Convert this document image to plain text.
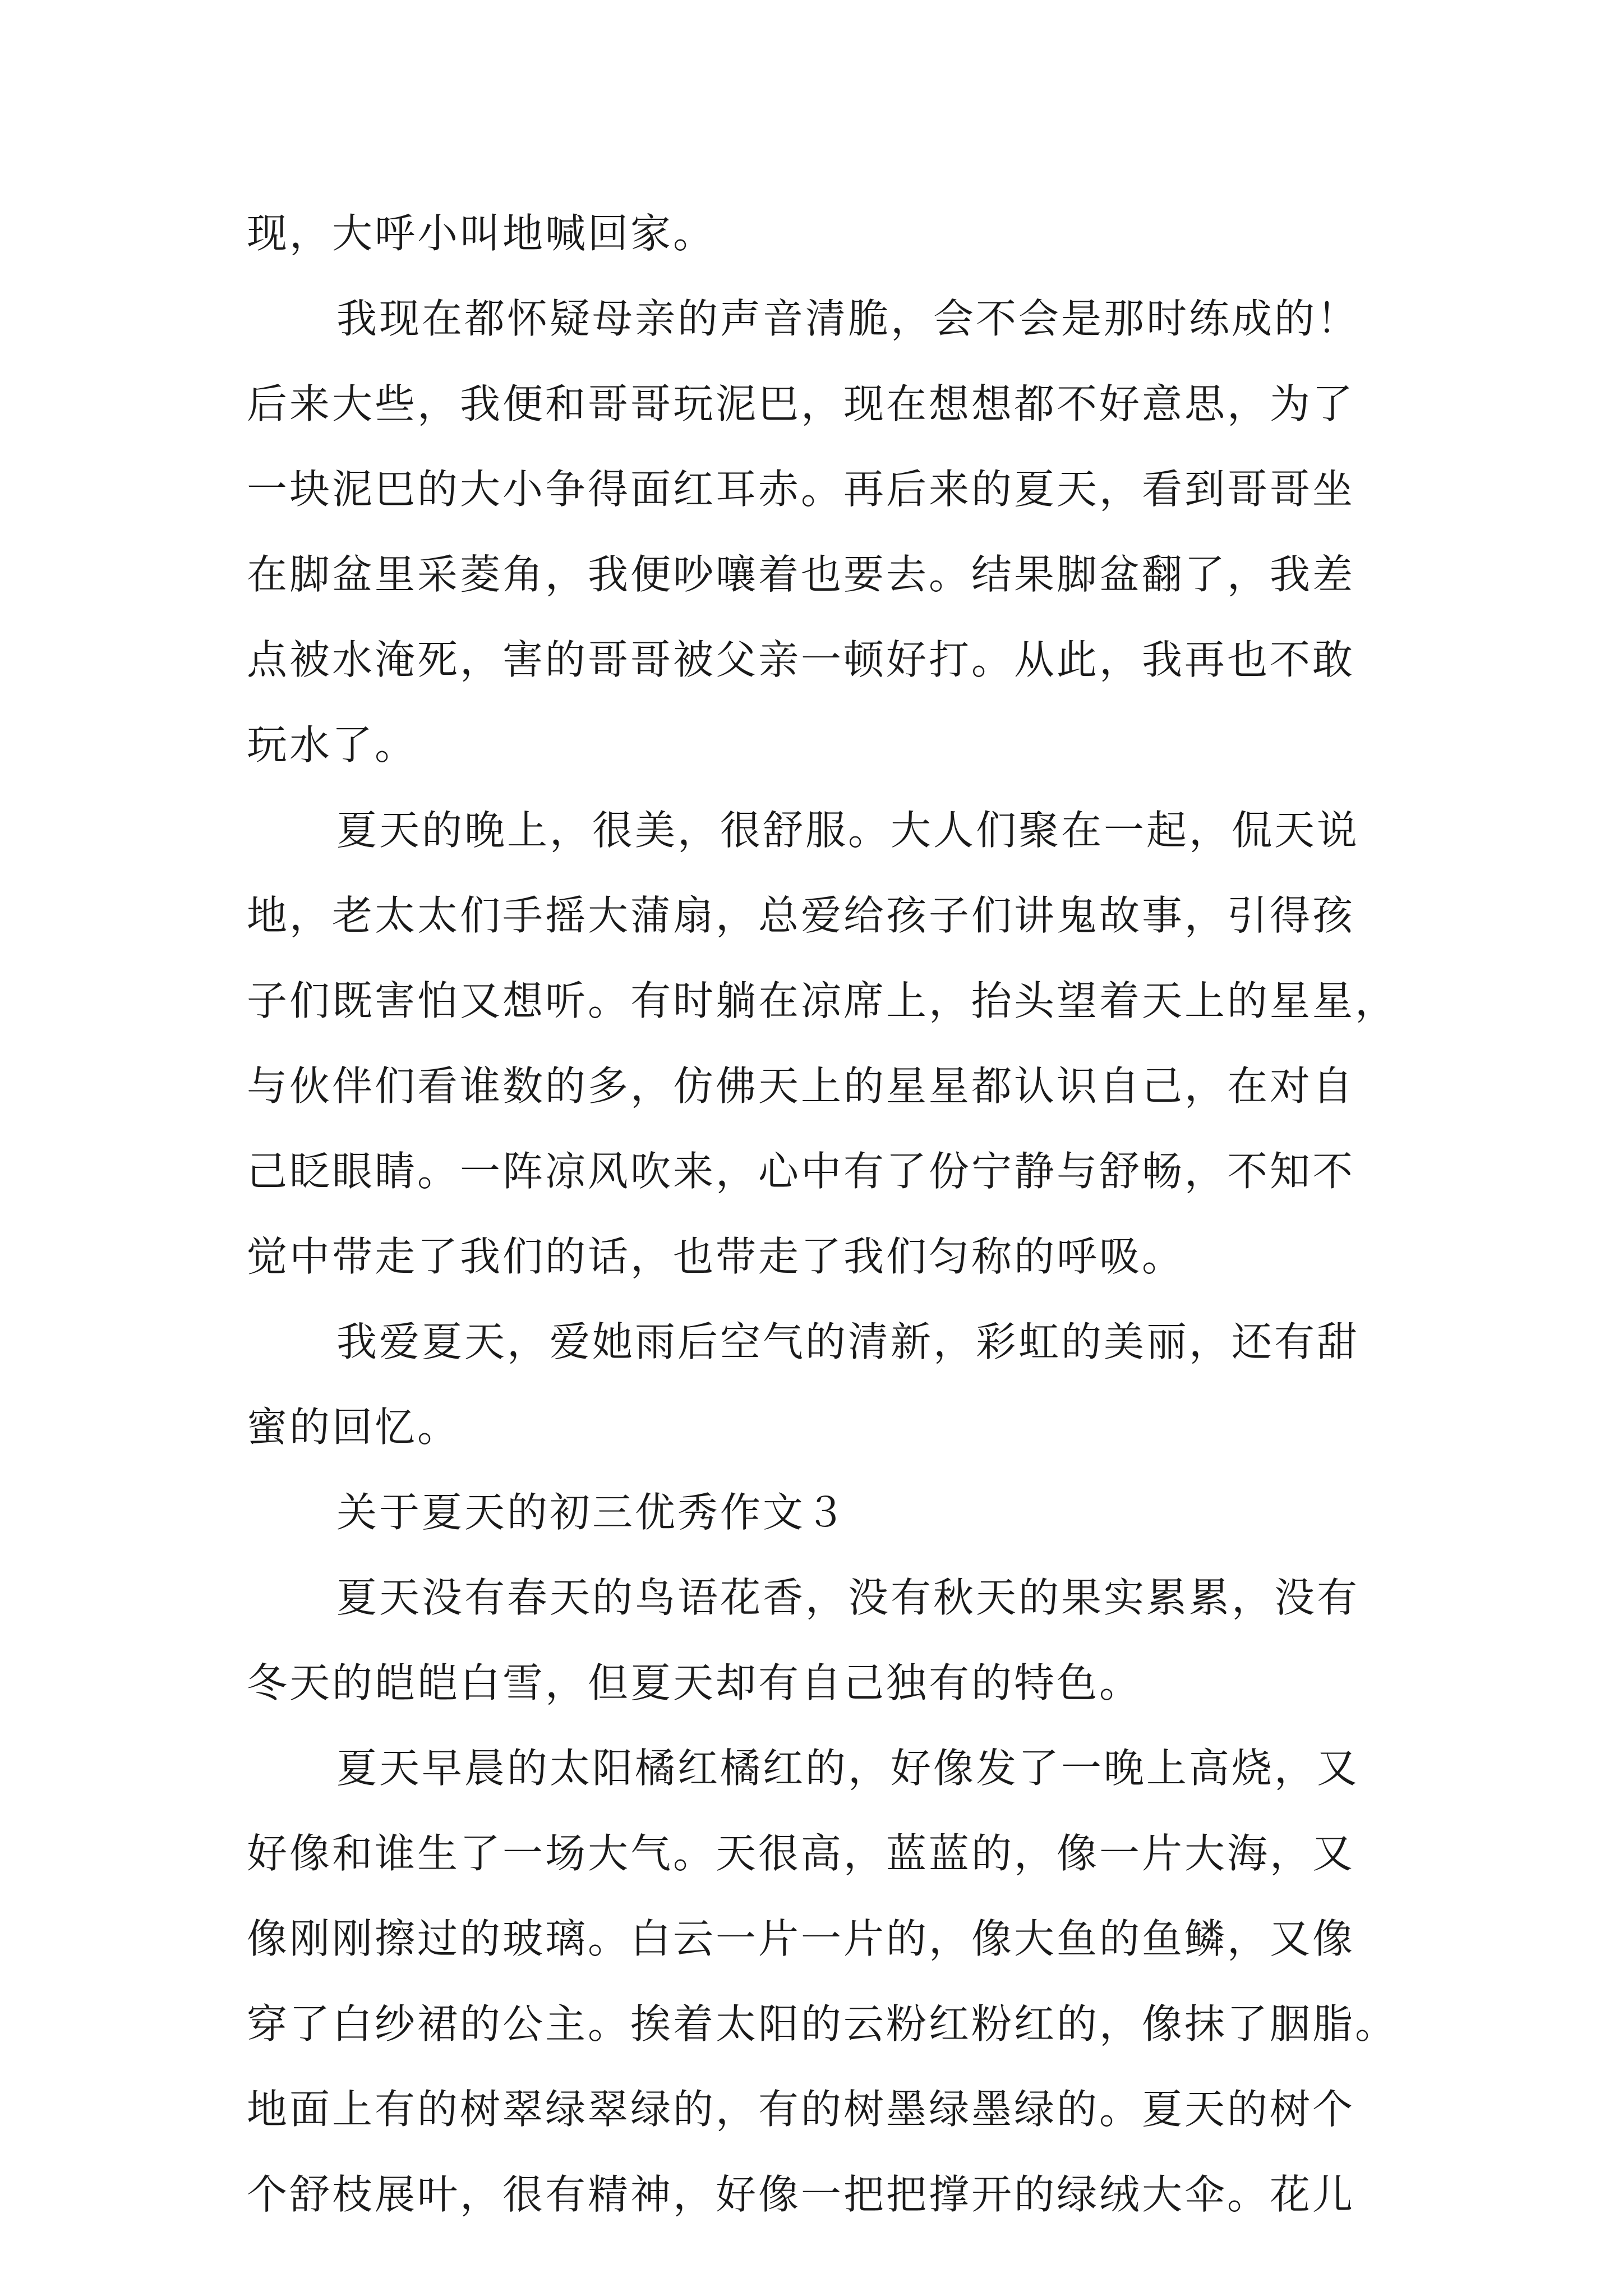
现，大呼小叫地喊回家。
我现在都怀疑母亲的声音清脆，会不会是那时练成的！
后来大些，我便和哥哥玩泥巴，现在想想都不好意思，为了
一块泥巴的大小争得面红耳赤。再后来的夏天，看到哥哥坐
在脚盆里采菱角，我便吵嚷着也要去。结果脚盆翻了，我差
点被水淹死，害的哥哥被父亲一顿好打。从此，我再也不敢
玩水了。
夏天的晚上，很美，很舒服。大人们聚在一起，侃天说
地，老太太们手摇大蒲扇，总爱给孩子们讲鬼故事，引得孩
子们既害怕又想听。有时躺在凉席上，抬头望着天上的星星，
与伙伴们看谁数的多，仿佛天上的星星都认识自己，在对自
己眨眼睛。一阵凉风吹来，心中有了份宁静与舒畅，不知不
觉中带走了我们的话，也带走了我们匀称的呼吸。
我爱夏天，爱她雨后空气的清新，彩虹的美丽，还有甜
蜜的回忆。
关于夏天的初三优秀作文３
夏天没有春天的鸟语花香，没有秋天的果实累累，没有
冬天的皑皑白雪，但夏天却有自己独有的特色。
夏天早晨的太阳橘红橘红的，好像发了一晚上高烧，又
好像和谁生了一场大气。天很高，蓝蓝的，像一片大海，又
像刚刚擦过的玻璃。白云一片一片的，像大鱼的鱼鳞，又像
穿了白纱裙的公主。挨着太阳的云粉红粉红的，像抹了胭脂。
地面上有的树翠绿翠绿的，有的树墨绿墨绿的。夏天的树个
个舒枝展叶，很有精神，好像一把把撑开的绿绒大伞。花儿
